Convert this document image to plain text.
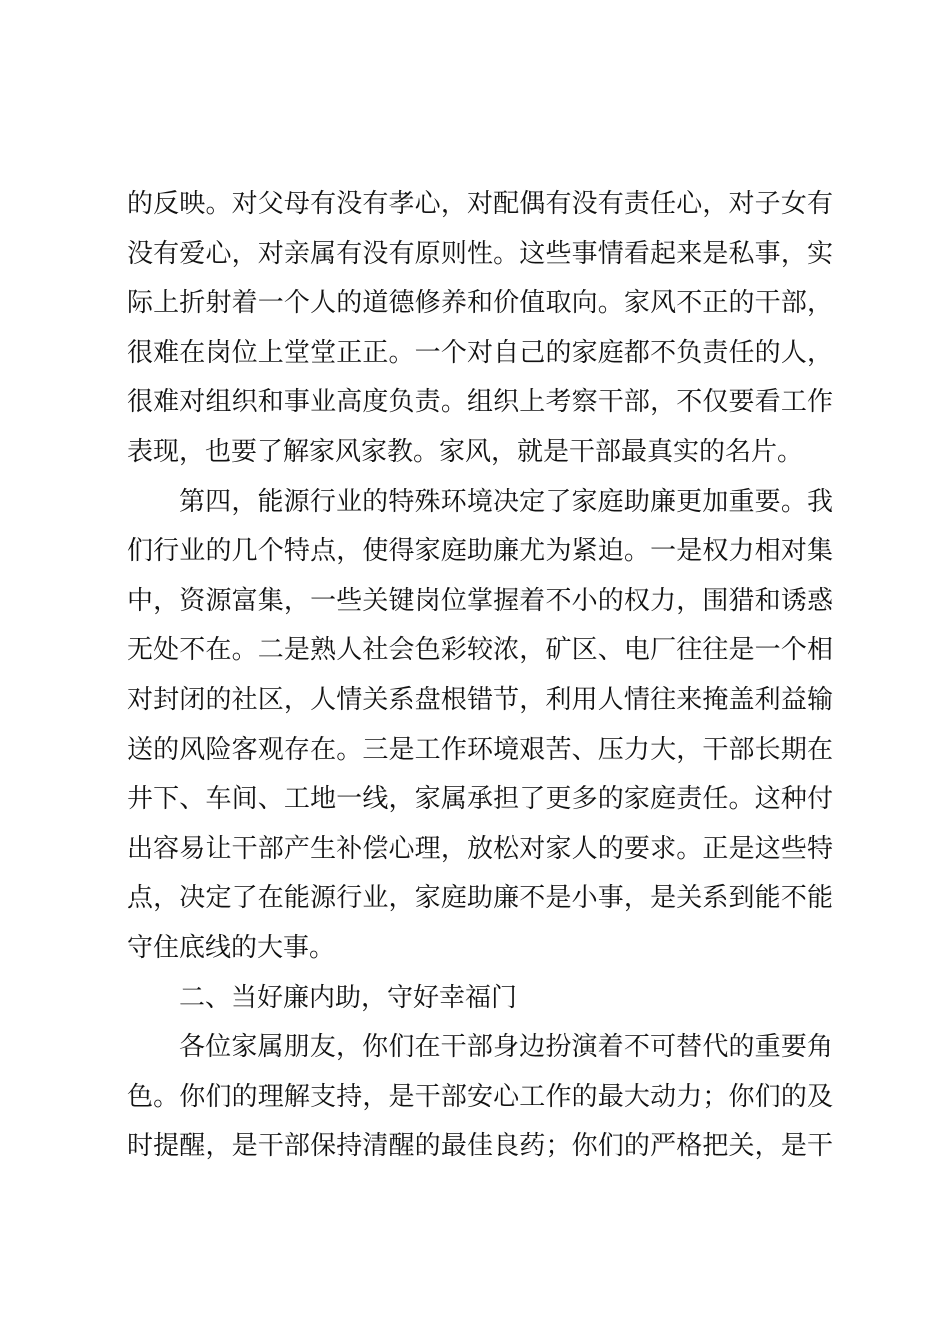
的反映。对父母有没有孝心，对配偶有没有责任心，对子女有
没有爱心，对亲属有没有原则性。这些事情看起来是私事，实
际上折射着一个人的道德修养和价值取向。家风不正的干部，
很难在岗位上堂堂正正。一个对自己的家庭都不负责任的人，
很难对组织和事业高度负责。组织上考察干部，不仅要看工作
表现，也要了解家风家教。家风，就是干部最真实的名片。
第四，能源行业的特殊环境决定了家庭助廉更加重要。我
们行业的几个特点，使得家庭助廉尤为紧迫。一是权力相对集
中，资源富集，一些关键岗位掌握着不小的权力，围猎和诱惑
无处不在。二是熟人社会色彩较浓，矿区、电厂往往是一个相
对封闭的社区，人情关系盘根错节，利用人情往来掩盖利益输
送的风险客观存在。三是工作环境艰苦、压力大，干部长期在
井下、车间、工地一线，家属承担了更多的家庭责任。这种付
出容易让干部产生补偿心理，放松对家人的要求。正是这些特
点，决定了在能源行业，家庭助廉不是小事，是关系到能不能
守住底线的大事。
二、当好廉内助，守好幸福门
各位家属朋友，你们在干部身边扮演着不可替代的重要角
色。你们的理解支持，是干部安心工作的最大动力；你们的及
时提醒，是干部保持清醒的最佳良药；你们的严格把关，是干
